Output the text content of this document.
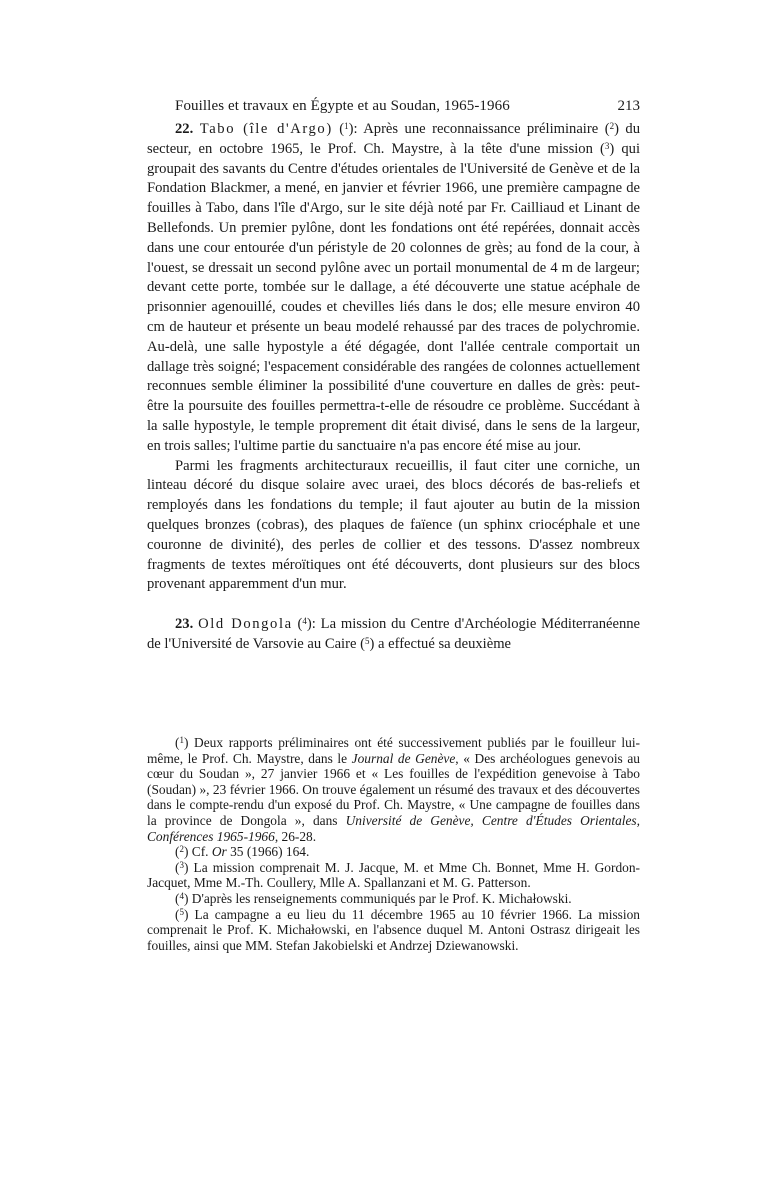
Fouilles et travaux en Égypte et au Soudan, 1965-1966	213

22. Tabo (île d'Argo) ($^1$): Après une reconnaissance préliminaire ($^2$) du secteur, en octobre 1965, le Prof. Ch. Maystre, à la tête d'une mission ($^3$) qui groupait des savants du Centre d'études orientales de l'Université de Genève et de la Fondation Blackmer, a mené, en janvier et février 1966, une première campagne de fouilles à Tabo, dans l'île d'Argo, sur le site déjà noté par Fr. Cailliaud et Linant de Bellefonds. Un premier pylône, dont les fondations ont été repérées, donnait accès dans une cour entourée d'un péristyle de 20 colonnes de grès; au fond de la cour, à l'ouest, se dressait un second pylône avec un portail monumental de 4 m de largeur; devant cette porte, tombée sur le dallage, a été découverte une statue acéphale de prisonnier agenouillé, coudes et chevilles liés dans le dos; elle mesure environ 40 cm de hauteur et présente un beau modelé rehaussé par des traces de polychromie. Au-delà, une salle hypostyle a été dégagée, dont l'allée centrale comportait un dallage très soigné; l'espacement considérable des rangées de colonnes actuellement reconnues semble éliminer la possibilité d'une couverture en dalles de grès: peut-être la poursuite des fouilles permettra-t-elle de résoudre ce problème. Succédant à la salle hypostyle, le temple proprement dit était divisé, dans le sens de la largeur, en trois salles; l'ultime partie du sanctuaire n'a pas encore été mise au jour.

Parmi les fragments architecturaux recueillis, il faut citer une corniche, un linteau décoré du disque solaire avec uraei, des blocs décorés de bas-reliefs et remployés dans les fondations du temple; il faut ajouter au butin de la mission quelques bronzes (cobras), des plaques de faïence (un sphinx criocéphale et une couronne de divinité), des perles de collier et des tessons. D'assez nombreux fragments de textes méroïtiques ont été découverts, dont plusieurs sur des blocs provenant apparemment d'un mur.

23. Old Dongola ($^4$): La mission du Centre d'Archéologie Méditerranéenne de l'Université de Varsovie au Caire ($^5$) a effectué sa deuxième

($^1$) Deux rapports préliminaires ont été successivement publiés par le fouilleur lui-même, le Prof. Ch. Maystre, dans le Journal de Genève, « Des archéologues genevois au cœur du Soudan », 27 janvier 1966 et « Les fouilles de l'expédition genevoise à Tabo (Soudan) », 23 février 1966. On trouve également un résumé des travaux et des découvertes dans le compte-rendu d'un exposé du Prof. Ch. Maystre, « Une campagne de fouilles dans la province de Dongola », dans Université de Genève, Centre d'Études Orientales, Conférences 1965-1966, 26-28.

($^2$) Cf. Or 35 (1966) 164.

($^3$) La mission comprenait M. J. Jacque, M. et Mme Ch. Bonnet, Mme H. Gordon-Jacquet, Mme M.-Th. Coullery, Mlle A. Spallanzani et M. G. Patterson.

($^4$) D'après les renseignements communiqués par le Prof. K. Michałowski.

($^5$) La campagne a eu lieu du 11 décembre 1965 au 10 février 1966. La mission comprenait le Prof. K. Michałowski, en l'absence duquel M. Antoni Ostrasz dirigeait les fouilles, ainsi que MM. Stefan Jakobielski et Andrzej Dziewanowski.
